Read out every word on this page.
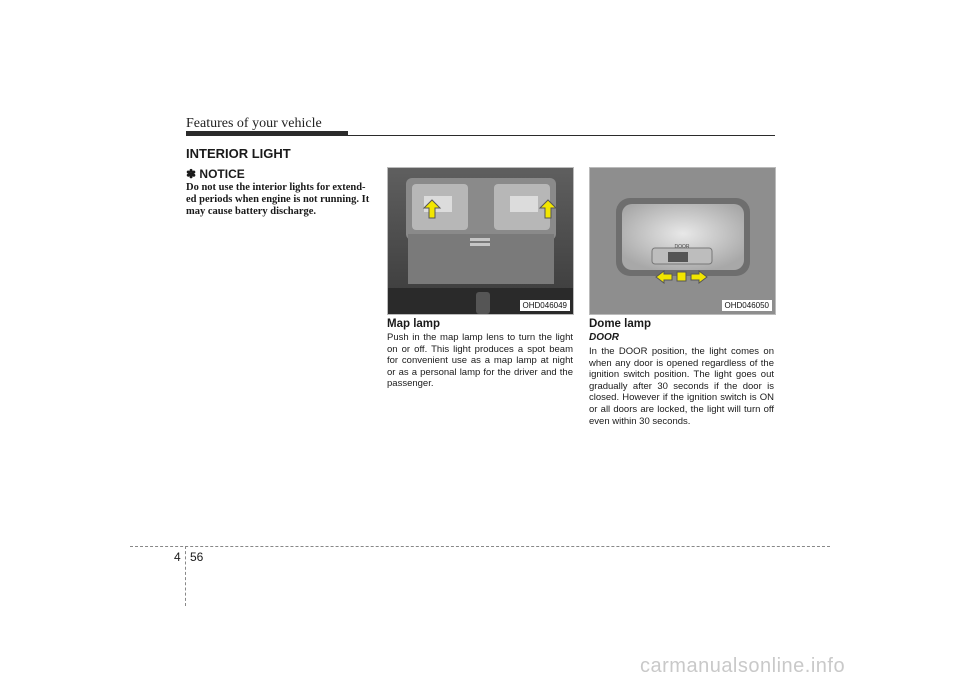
Features of your vehicle
INTERIOR LIGHT
✽ NOTICE
Do not use the interior lights for extend-ed periods when engine is not running. It may cause battery discharge.
OHD046049
Map lamp
Push in the map lamp lens to turn the light on or off. This light produces a spot beam for convenient use as a map lamp at night or as a personal lamp for the driver and the passenger.
DOOR
OHD046050
Dome lamp
DOOR
In the DOOR position, the light comes on when any door is opened regardless of the ignition switch position. The light goes out gradually after 30 seconds if the door is closed. However if the ignition switch is ON or all doors are locked, the light will turn off even within 30 seconds.
4 56
carmanualsonline.info
